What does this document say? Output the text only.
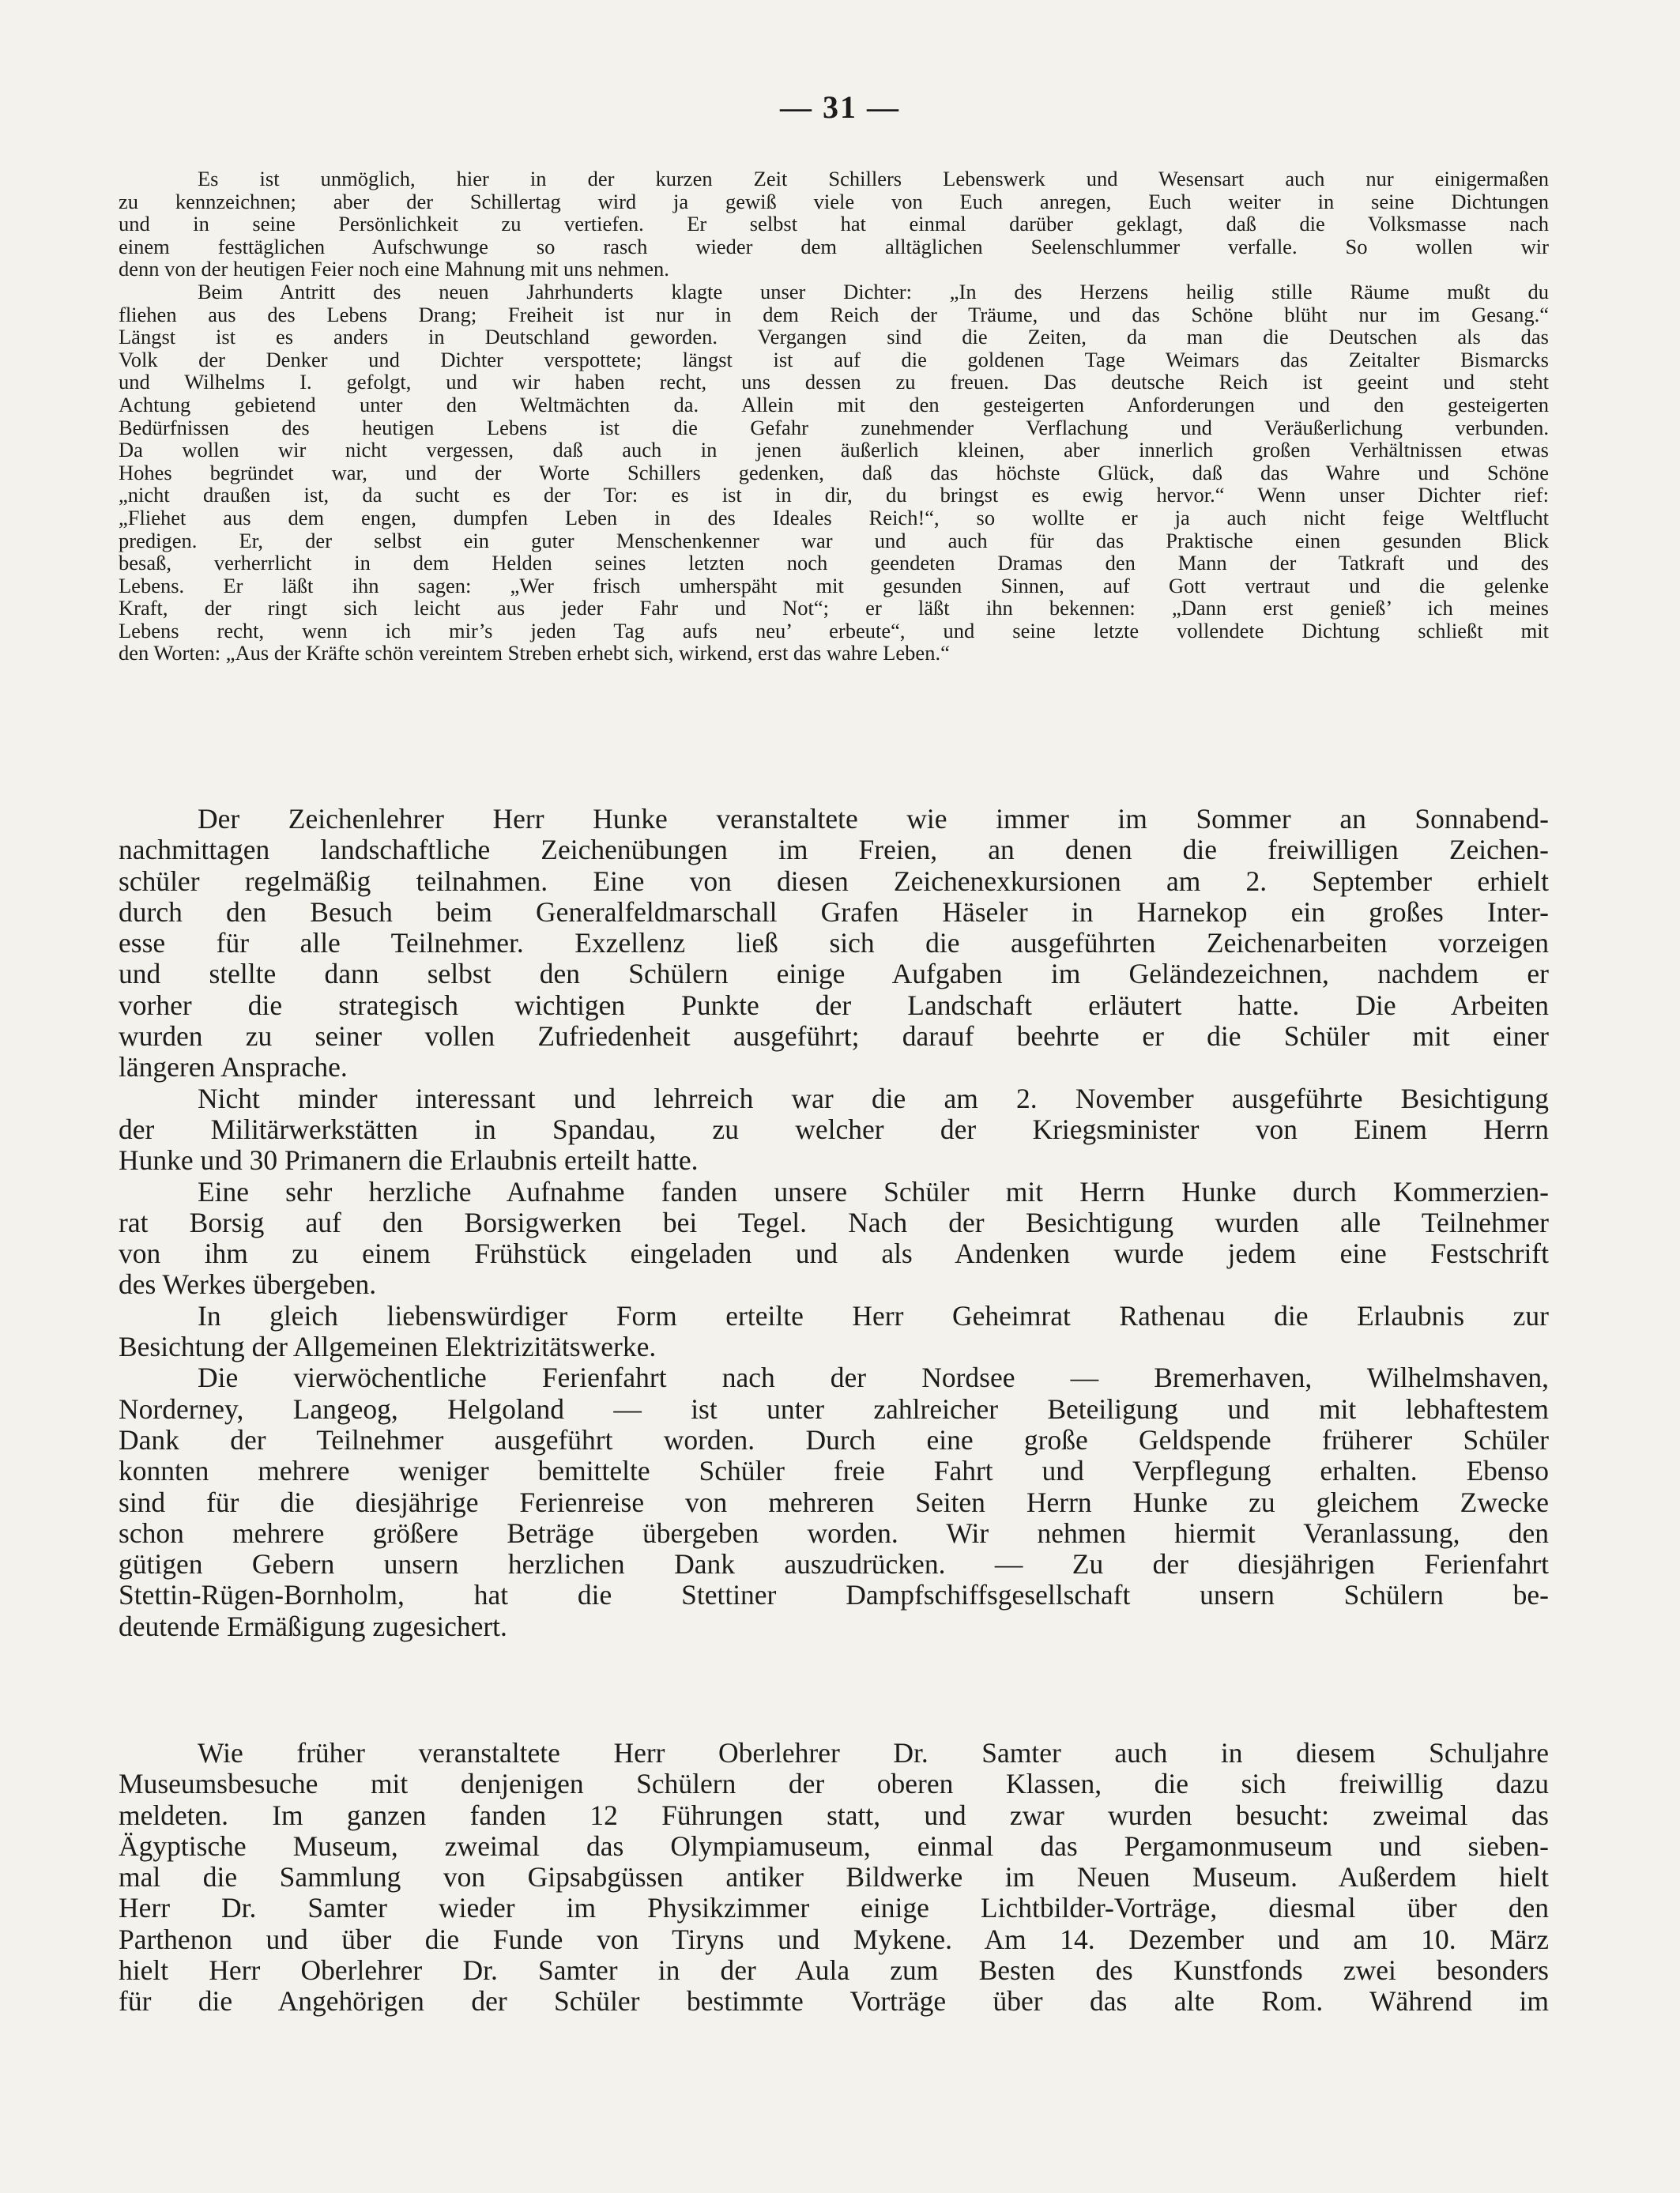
— 31 —
Es ist unmöglich, hier in der kurzen Zeit Schillers Lebenswerk und Wesensart auch nur einigermaßen
zu kennzeichnen; aber der Schillertag wird ja gewiß viele von Euch anregen, Euch weiter in seine Dichtungen
und in seine Persönlichkeit zu vertiefen. Er selbst hat einmal darüber geklagt, daß die Volksmasse nach
einem festtäglichen Aufschwunge so rasch wieder dem alltäglichen Seelenschlummer verfalle. So wollen wir
denn von der heutigen Feier noch eine Mahnung mit uns nehmen.
Beim Antritt des neuen Jahrhunderts klagte unser Dichter: „In des Herzens heilig stille Räume mußt du
fliehen aus des Lebens Drang; Freiheit ist nur in dem Reich der Träume, und das Schöne blüht nur im Gesang.“
Längst ist es anders in Deutschland geworden. Vergangen sind die Zeiten, da man die Deutschen als das
Volk der Denker und Dichter verspottete; längst ist auf die goldenen Tage Weimars das Zeitalter Bismarcks
und Wilhelms I. gefolgt, und wir haben recht, uns dessen zu freuen. Das deutsche Reich ist geeint und steht
Achtung gebietend unter den Weltmächten da. Allein mit den gesteigerten Anforderungen und den gesteigerten
Bedürfnissen des heutigen Lebens ist die Gefahr zunehmender Verflachung und Veräußerlichung verbunden.
Da wollen wir nicht vergessen, daß auch in jenen äußerlich kleinen, aber innerlich großen Verhältnissen etwas
Hohes begründet war, und der Worte Schillers gedenken, daß das höchste Glück, daß das Wahre und Schöne
„nicht draußen ist, da sucht es der Tor: es ist in dir, du bringst es ewig hervor.“ Wenn unser Dichter rief:
„Fliehet aus dem engen, dumpfen Leben in des Ideales Reich!“, so wollte er ja auch nicht feige Weltflucht
predigen. Er, der selbst ein guter Menschenkenner war und auch für das Praktische einen gesunden Blick
besaß, verherrlicht in dem Helden seines letzten noch geendeten Dramas den Mann der Tatkraft und des
Lebens. Er läßt ihn sagen: „Wer frisch umherspäht mit gesunden Sinnen, auf Gott vertraut und die gelenke
Kraft, der ringt sich leicht aus jeder Fahr und Not“; er läßt ihn bekennen: „Dann erst genieß’ ich meines
Lebens recht, wenn ich mir’s jeden Tag aufs neu’ erbeute“, und seine letzte vollendete Dichtung schließt mit
den Worten: „Aus der Kräfte schön vereintem Streben erhebt sich, wirkend, erst das wahre Leben.“
Der Zeichenlehrer Herr Hunke veranstaltete wie immer im Sommer an Sonnabend-
nachmittagen landschaftliche Zeichenübungen im Freien, an denen die freiwilligen Zeichen-
schüler regelmäßig teilnahmen. Eine von diesen Zeichenexkursionen am 2. September erhielt
durch den Besuch beim Generalfeldmarschall Grafen Häseler in Harnekop ein großes Inter-
esse für alle Teilnehmer. Exzellenz ließ sich die ausgeführten Zeichenarbeiten vorzeigen
und stellte dann selbst den Schülern einige Aufgaben im Geländezeichnen, nachdem er
vorher die strategisch wichtigen Punkte der Landschaft erläutert hatte. Die Arbeiten
wurden zu seiner vollen Zufriedenheit ausgeführt; darauf beehrte er die Schüler mit einer
längeren Ansprache.
Nicht minder interessant und lehrreich war die am 2. November ausgeführte Besichtigung
der Militärwerkstätten in Spandau, zu welcher der Kriegsminister von Einem Herrn
Hunke und 30 Primanern die Erlaubnis erteilt hatte.
Eine sehr herzliche Aufnahme fanden unsere Schüler mit Herrn Hunke durch Kommerzien-
rat Borsig auf den Borsigwerken bei Tegel. Nach der Besichtigung wurden alle Teilnehmer
von ihm zu einem Frühstück eingeladen und als Andenken wurde jedem eine Festschrift
des Werkes übergeben.
In gleich liebenswürdiger Form erteilte Herr Geheimrat Rathenau die Erlaubnis zur
Besichtung der Allgemeinen Elektrizitätswerke.
Die vierwöchentliche Ferienfahrt nach der Nordsee — Bremerhaven, Wilhelmshaven,
Norderney, Langeog, Helgoland — ist unter zahlreicher Beteiligung und mit lebhaftestem
Dank der Teilnehmer ausgeführt worden. Durch eine große Geldspende früherer Schüler
konnten mehrere weniger bemittelte Schüler freie Fahrt und Verpflegung erhalten. Ebenso
sind für die diesjährige Ferienreise von mehreren Seiten Herrn Hunke zu gleichem Zwecke
schon mehrere größere Beträge übergeben worden. Wir nehmen hiermit Veranlassung, den
gütigen Gebern unsern herzlichen Dank auszudrücken. — Zu der diesjährigen Ferienfahrt
Stettin-Rügen-Bornholm, hat die Stettiner Dampfschiffsgesellschaft unsern Schülern be-
deutende Ermäßigung zugesichert.
Wie früher veranstaltete Herr Oberlehrer Dr. Samter auch in diesem Schuljahre
Museumsbesuche mit denjenigen Schülern der oberen Klassen, die sich freiwillig dazu
meldeten. Im ganzen fanden 12 Führungen statt, und zwar wurden besucht: zweimal das
Ägyptische Museum, zweimal das Olympiamuseum, einmal das Pergamonmuseum und sieben-
mal die Sammlung von Gipsabgüssen antiker Bildwerke im Neuen Museum. Außerdem hielt
Herr Dr. Samter wieder im Physikzimmer einige Lichtbilder-Vorträge, diesmal über den
Parthenon und über die Funde von Tiryns und Mykene. Am 14. Dezember und am 10. März
hielt Herr Oberlehrer Dr. Samter in der Aula zum Besten des Kunstfonds zwei besonders
für die Angehörigen der Schüler bestimmte Vorträge über das alte Rom. Während im
